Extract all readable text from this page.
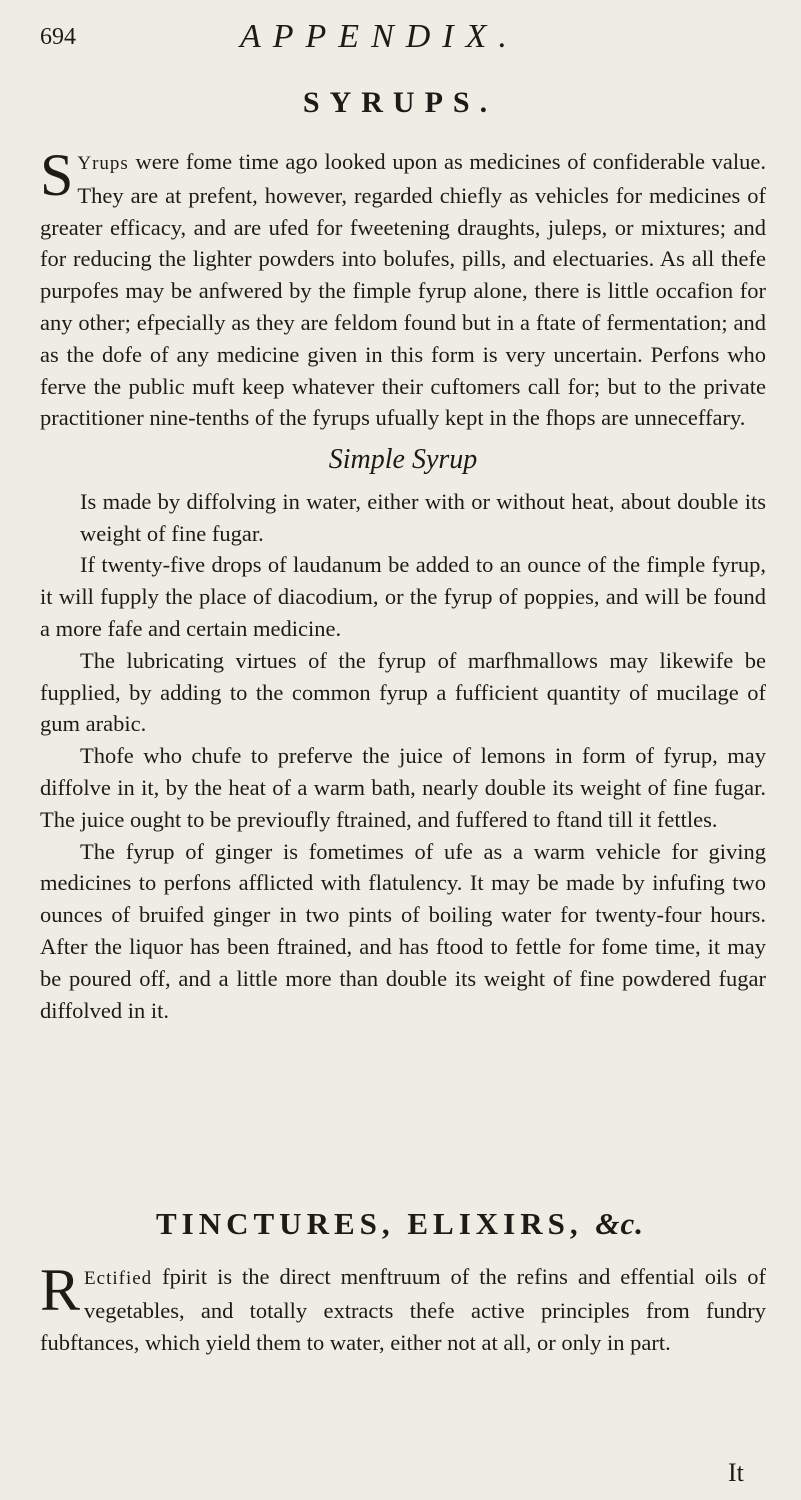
694	APPENDIX.
SYRUPS.

S Yrups were fome time ago looked upon as medicines of confiderable value. They are at prefent, however, regarded chiefly as vehicles for medicines of greater efficacy, and are ufed for fweetening draughts, juleps, or mixtures; and for reducing the lighter powders into bolufes, pills, and electuaries. As all thefe purpofes may be anfwered by the fimple fyrup alone, there is little occafion for any other; efpecially as they are feldom found but in a ftate of fermentation; and as the dofe of any medicine given in this form is very uncertain. Perfons who ferve the public muft keep whatever their cuftomers call for; but to the private practitioner nine-tenths of the fyrups ufually kept in the fhops are unneceffary.

Simple Syrup

Is made by diffolving in water, either with or without heat, about double its weight of fine fugar.

If twenty-five drops of laudanum be added to an ounce of the fimple fyrup, it will fupply the place of diacodium, or the fyrup of poppies, and will be found a more fafe and certain medicine.

The lubricating virtues of the fyrup of marfhmallows may likewife be fupplied, by adding to the common fyrup a fufficient quantity of mucilage of gum arabic.

Thofe who chufe to preferve the juice of lemons in form of fyrup, may diffolve in it, by the heat of a warm bath, nearly double its weight of fine fugar. The juice ought to be previoufly ftrained, and fuffered to ftand till it fettles.

The fyrup of ginger is fometimes of ufe as a warm vehicle for giving medicines to perfons afflicted with flatulency. It may be made by infufing two ounces of bruifed ginger in two pints of boiling water for twenty-four hours. After the liquor has been ftrained, and has ftood to fettle for fome time, it may be poured off, and a little more than double its weight of fine powdered fugar diffolved in it.

TINCTURES, ELIXIRS, &c.

R Ectified fpirit is the direct menftruum of the refins and effential oils of vegetables, and totally extracts thefe active principles from fundry fubftances, which yield them to water, either not at all, or only in part.

It
